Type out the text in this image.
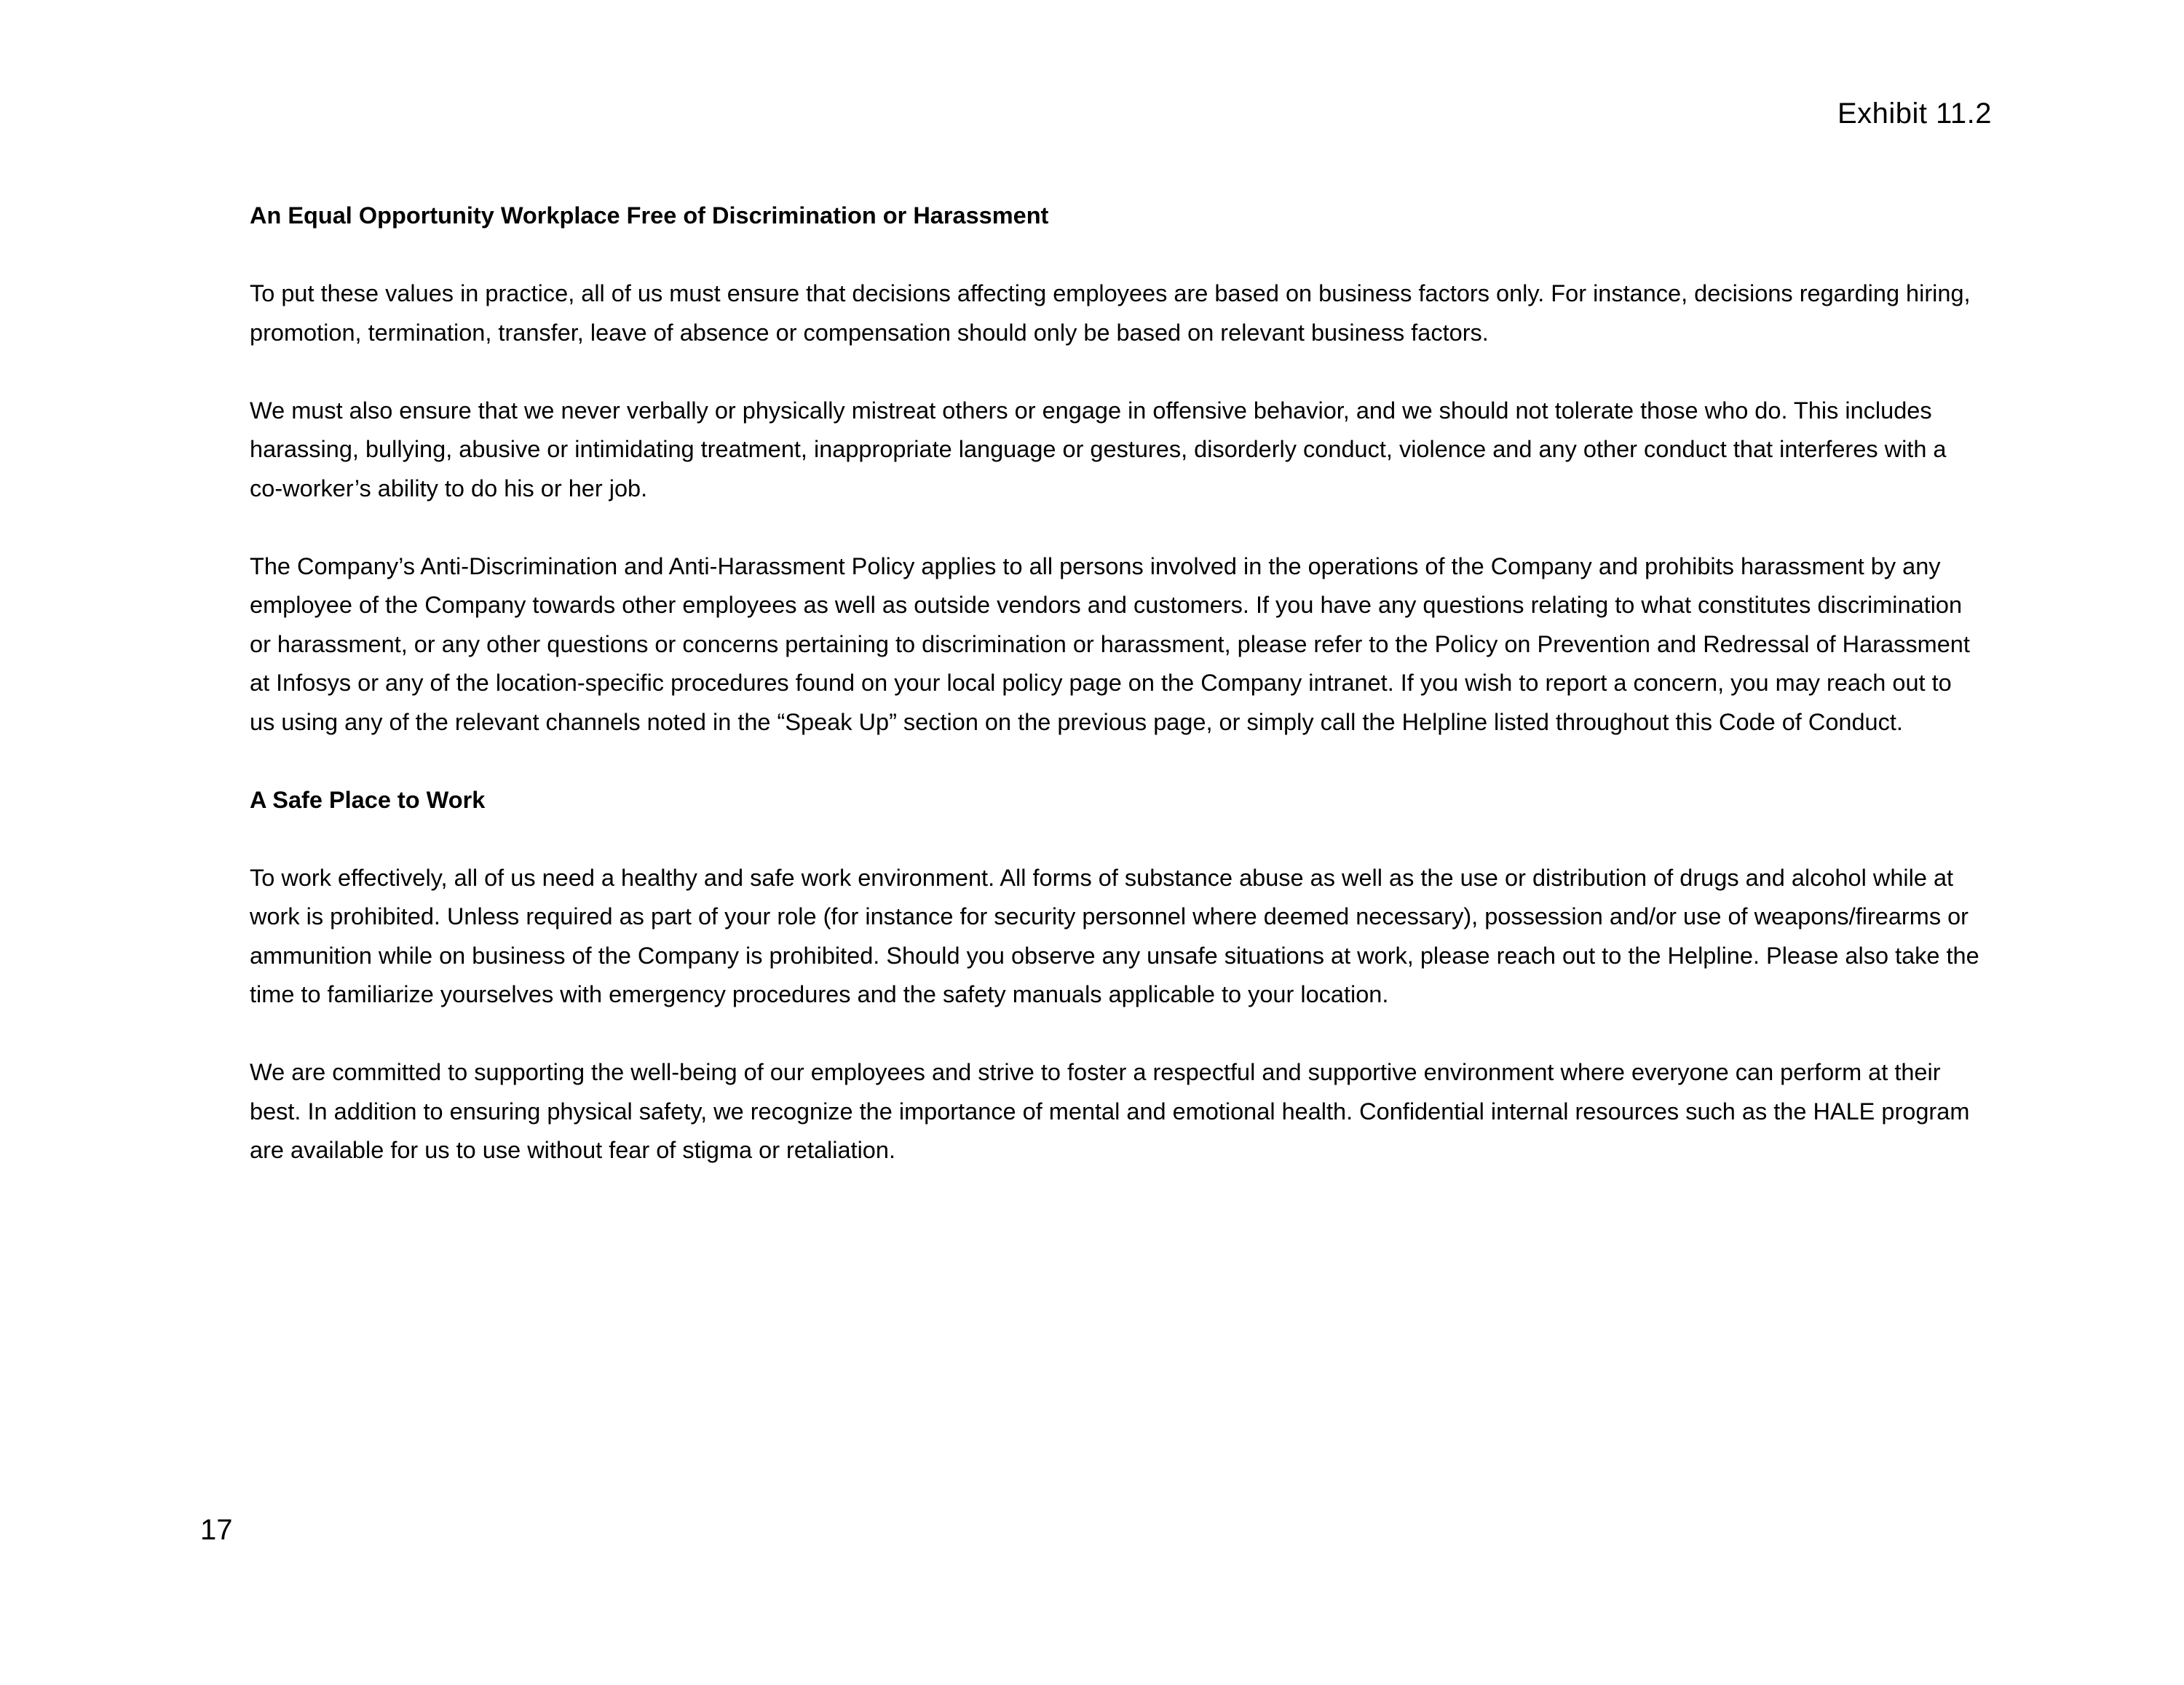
Exhibit 11.2
An Equal Opportunity Workplace Free of Discrimination or Harassment

To put these values in practice, all of us must ensure that decisions affecting employees are based on business factors only. For instance, decisions regarding hiring, promotion, termination, transfer, leave of absence or compensation should only be based on relevant business factors.

We must also ensure that we never verbally or physically mistreat others or engage in offensive behavior, and we should not tolerate those who do. This includes harassing, bullying, abusive or intimidating treatment, inappropriate language or gestures, disorderly conduct, violence and any other conduct that interferes with a co-worker’s ability to do his or her job.

The Company’s Anti-Discrimination and Anti-Harassment Policy applies to all persons involved in the operations of the Company and prohibits harassment by any employee of the Company towards other employees as well as outside vendors and customers. If you have any questions relating to what constitutes discrimination or harassment, or any other questions or concerns pertaining to discrimination or harassment, please refer to the Policy on Prevention and Redressal of Harassment at Infosys or any of the location-specific procedures found on your local policy page on the Company intranet. If you wish to report a concern, you may reach out to us using any of the relevant channels noted in the “Speak Up” section on the previous page, or simply call the Helpline listed throughout this Code of Conduct.

A Safe Place to Work

To work effectively, all of us need a healthy and safe work environment. All forms of substance abuse as well as the use or distribution of drugs and alcohol while at work is prohibited. Unless required as part of your role (for instance for security personnel where deemed necessary), possession and/or use of weapons/firearms or ammunition while on business of the Company is prohibited. Should you observe any unsafe situations at work, please reach out to the Helpline. Please also take the time to familiarize yourselves with emergency procedures and the safety manuals applicable to your location.

We are committed to supporting the well-being of our employees and strive to foster a respectful and supportive environment where everyone can perform at their best. In addition to ensuring physical safety, we recognize the importance of mental and emotional health. Confidential internal resources such as the HALE program are available for us to use without fear of stigma or retaliation.

17
